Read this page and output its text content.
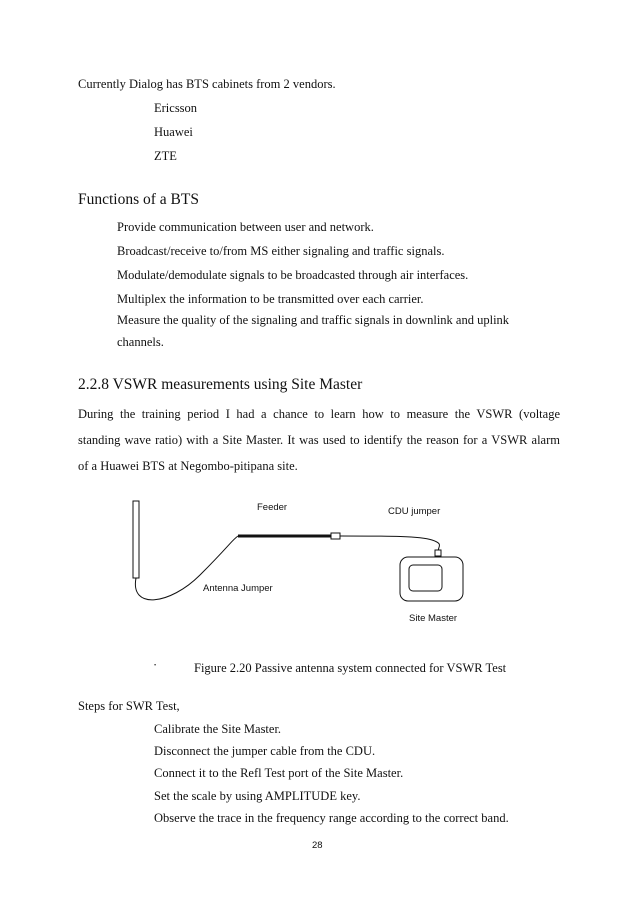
Currently Dialog has BTS cabinets from 2 vendors.
Ericsson
Huawei
ZTE
Functions of a BTS
Provide communication between user and network.
Broadcast/receive to/from MS either signaling and traffic signals.
Modulate/demodulate signals to be broadcasted through air interfaces.
Multiplex the information to be transmitted over each carrier.
Measure the quality of the signaling and traffic signals in downlink and uplink
channels.
2.2.8 VSWR measurements using Site Master
During the training period I had a chance to learn how to measure the VSWR (voltage
standing wave ratio) with a Site Master. It was used to identify the reason for a VSWR alarm
of a Huawei BTS at Negombo-pitipana site.
Feeder	CDU jumper
Antenna Jumper
Site Master
·	Figure 2.20 Passive antenna system connected for VSWR Test
Steps for SWR Test,
Calibrate the Site Master.
Disconnect the jumper cable from the CDU.
Connect it to the Refl Test port of the Site Master.
Set the scale by using AMPLITUDE key.
Observe the trace in the frequency range according to the correct band.
28
